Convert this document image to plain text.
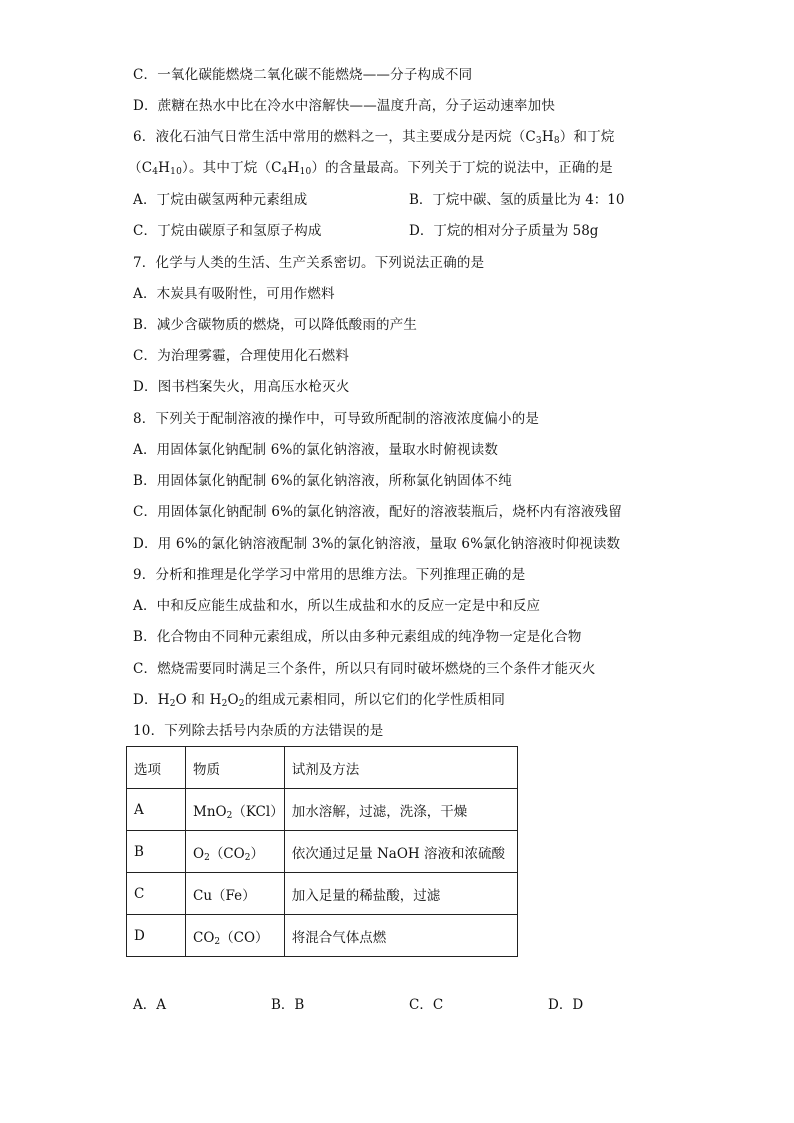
C．一氧化碳能燃烧二氧化碳不能燃烧——分子构成不同
D．蔗糖在热水中比在冷水中溶解快——温度升高，分子运动速率加快
6．液化石油气日常生活中常用的燃料之一，其主要成分是丙烷$(C_3H_8)$和丁烷
$(C_4H_{10})$。其中丁烷$(C_4H_{10})$的含量最高。下列关于丁烷的说法中，正确的是
A．丁烷由碳氢两种元素组成	B．丁烷中碳、氢的质量比为 4：10
C．丁烷由碳原子和氢原子构成	D．丁烷的相对分子质量为 58g
7．化学与人类的生活、生产关系密切。下列说法正确的是
A．木炭具有吸附性，可用作燃料
B．减少含碳物质的燃烧，可以降低酸雨的产生
C．为治理雾霾，合理使用化石燃料
D．图书档案失火，用高压水枪灭火
8．下列关于配制溶液的操作中，可导致所配制的溶液浓度偏小的是
A．用固体氯化钠配制 6%的氯化钠溶液，量取水时俯视读数
B．用固体氯化钠配制 6%的氯化钠溶液，所称氯化钠固体不纯
C．用固体氯化钠配制 6%的氯化钠溶液，配好的溶液装瓶后，烧杯内有溶液残留
D．用 6%的氯化钠溶液配制 3%的氯化钠溶液，量取 6%氯化钠溶液时仰视读数
9．分析和推理是化学学习中常用的思维方法。下列推理正确的是
A．中和反应能生成盐和水，所以生成盐和水的反应一定是中和反应
B．化合物由不同种元素组成，所以由多种元素组成的纯净物一定是化合物
C．燃烧需要同时满足三个条件，所以只有同时破坏燃烧的三个条件才能灭火
D．$H_2O$ 和 $H_2O_2$的组成元素相同，所以它们的化学性质相同
10．下列除去括号内杂质的方法错误的是
选项	物质	试剂及方法
A	MnO$_2$（KCl）	加水溶解，过滤，洗涤，干燥
B	$O_2(CO_2)$	依次通过足量 NaOH 溶液和浓硫酸
C	Cu（Fe）	加入足量的稀盐酸，过滤
D	$CO_2(CO)$	将混合气体点燃
A．A	B．B	C．C	D．D
